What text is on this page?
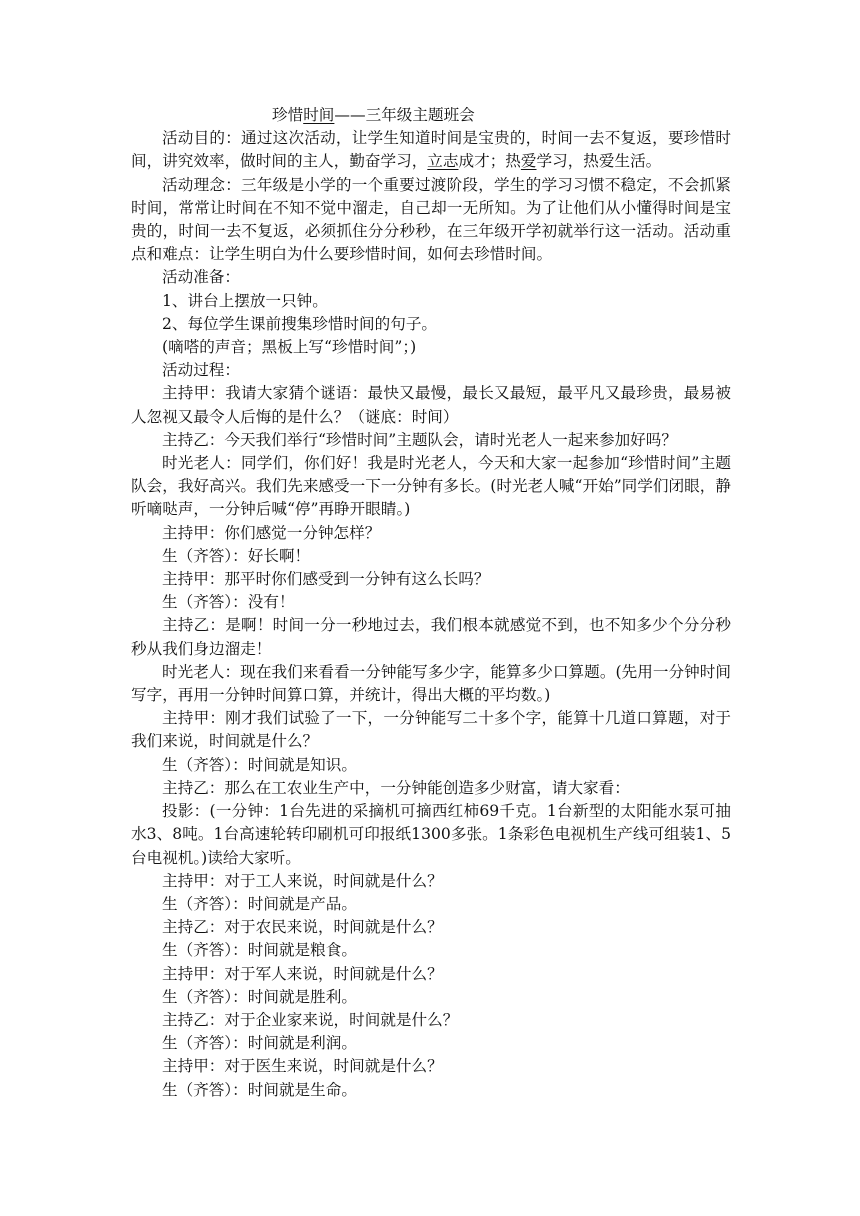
珍惜时间——三年级主题班会

活动目的：通过这次活动，让学生知道时间是宝贵的，时间一去不复返，要珍惜时间，讲究效率，做时间的主人，勤奋学习，立志成才；热爱学习，热爱生活。

活动理念：三年级是小学的一个重要过渡阶段，学生的学习习惯不稳定，不会抓紧时间，常常让时间在不知不觉中溜走，自己却一无所知。为了让他们从小懂得时间是宝贵的，时间一去不复返，必须抓住分分秒秒，在三年级开学初就举行这一活动。活动重点和难点：让学生明白为什么要珍惜时间，如何去珍惜时间。

活动准备：

1、讲台上摆放一只钟。

2、每位学生课前搜集珍惜时间的句子。

(嘀嗒的声音；黑板上写“珍惜时间”；)

活动过程：

主持甲：我请大家猜个谜语：最快又最慢，最长又最短，最平凡又最珍贵，最易被人忽视又最令人后悔的是什么？（谜底：时间）

主持乙：今天我们举行“珍惜时间”主题队会，请时光老人一起来参加好吗？

时光老人：同学们，你们好！我是时光老人，今天和大家一起参加“珍惜时间”主题队会，我好高兴。我们先来感受一下一分钟有多长。(时光老人喊“开始”同学们闭眼，静听嘀哒声，一分钟后喊“停”再睁开眼睛。)

主持甲：你们感觉一分钟怎样？

生（齐答）：好长啊！

主持甲：那平时你们感受到一分钟有这么长吗？

生（齐答）：没有！

主持乙：是啊！时间一分一秒地过去，我们根本就感觉不到，也不知多少个分分秒秒从我们身边溜走！

时光老人：现在我们来看看一分钟能写多少字，能算多少口算题。(先用一分钟时间写字，再用一分钟时间算口算，并统计，得出大概的平均数。)

主持甲：刚才我们试验了一下，一分钟能写二十多个字，能算十几道口算题，对于我们来说，时间就是什么？

生（齐答）：时间就是知识。

主持乙：那么在工农业生产中，一分钟能创造多少财富，请大家看：

投影：(一分钟：1台先进的采摘机可摘西红柿69千克。1台新型的太阳能水泵可抽水3、8吨。1台高速轮转印刷机可印报纸1300多张。1条彩色电视机生产线可组装1、5台电视机。)读给大家听。

主持甲：对于工人来说，时间就是什么？

生（齐答）：时间就是产品。

主持乙：对于农民来说，时间就是什么？

生（齐答）：时间就是粮食。

主持甲：对于军人来说，时间就是什么？

生（齐答）：时间就是胜利。

主持乙：对于企业家来说，时间就是什么？

生（齐答）：时间就是利润。

主持甲：对于医生来说，时间就是什么？

生（齐答）：时间就是生命。
